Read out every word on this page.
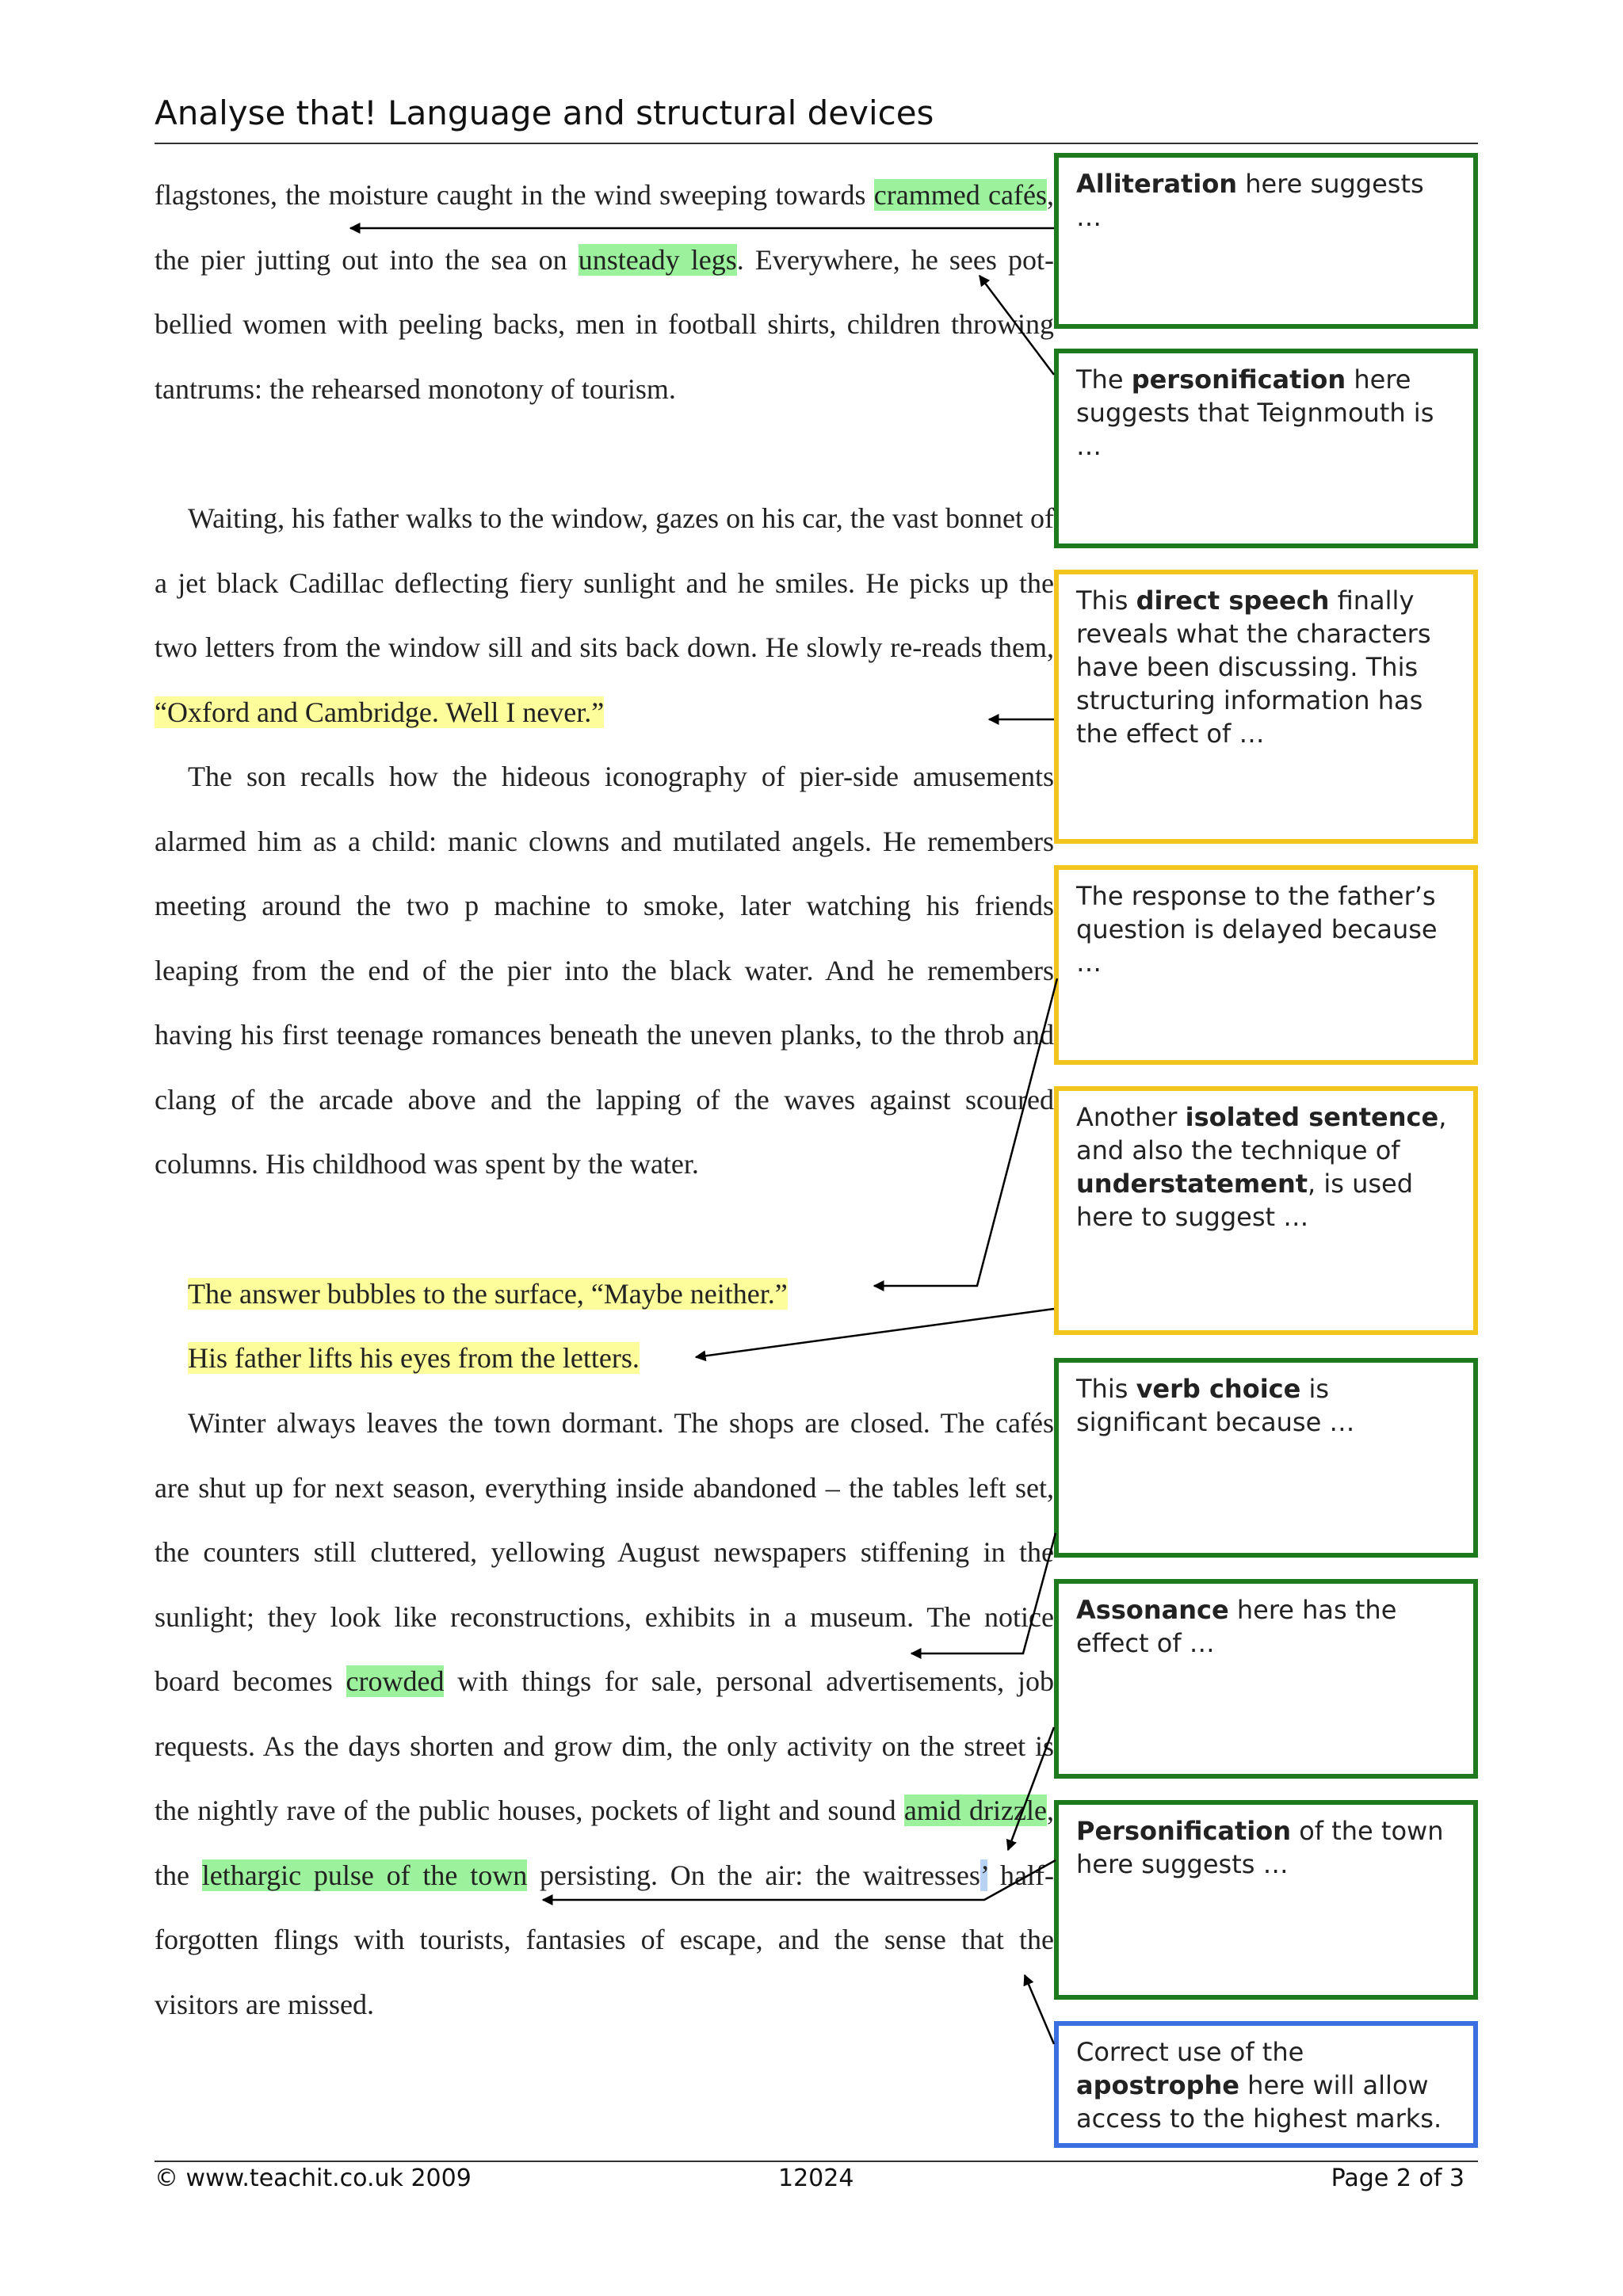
Analyse that! Language and structural devices

flagstones, the moisture caught in the wind sweeping towards crammed cafés, the pier jutting out into the sea on unsteady legs. Everywhere, he sees pot-bellied women with peeling backs, men in football shirts, children throwing tantrums: the rehearsed monotony of tourism.

Waiting, his father walks to the window, gazes on his car, the vast bonnet of a jet black Cadillac deflecting fiery sunlight and he smiles. He picks up the two letters from the window sill and sits back down. He slowly re-reads them, “Oxford and Cambridge. Well I never.”

The son recalls how the hideous iconography of pier-side amusements alarmed him as a child: manic clowns and mutilated angels. He remembers meeting around the two p machine to smoke, later watching his friends leaping from the end of the pier into the black water. And he remembers having his first teenage romances beneath the uneven planks, to the throb and clang of the arcade above and the lapping of the waves against scoured columns. His childhood was spent by the water.

The answer bubbles to the surface, “Maybe neither.”
His father lifts his eyes from the letters.

Winter always leaves the town dormant. The shops are closed. The cafés are shut up for next season, everything inside abandoned – the tables left set, the counters still cluttered, yellowing August newspapers stiffening in the sunlight; they look like reconstructions, exhibits in a museum. The notice board becomes crowded with things for sale, personal advertisements, job requests. As the days shorten and grow dim, the only activity on the street is the nightly rave of the public houses, pockets of light and sound amid drizzle, the lethargic pulse of the town persisting. On the air: the waitresses’ half-forgotten flings with tourists, fantasies of escape, and the sense that the visitors are missed.

Alliteration here suggests …
The personification here suggests that Teignmouth is …
This direct speech finally reveals what the characters have been discussing. This structuring information has the effect of …
The response to the father’s question is delayed because …
Another isolated sentence, and also the technique of understatement, is used here to suggest …
This verb choice is significant because …
Assonance here has the effect of …
Personification of the town here suggests …
Correct use of the apostrophe here will allow access to the highest marks.
© www.teachit.co.uk 2009	12024	Page 2 of 3
